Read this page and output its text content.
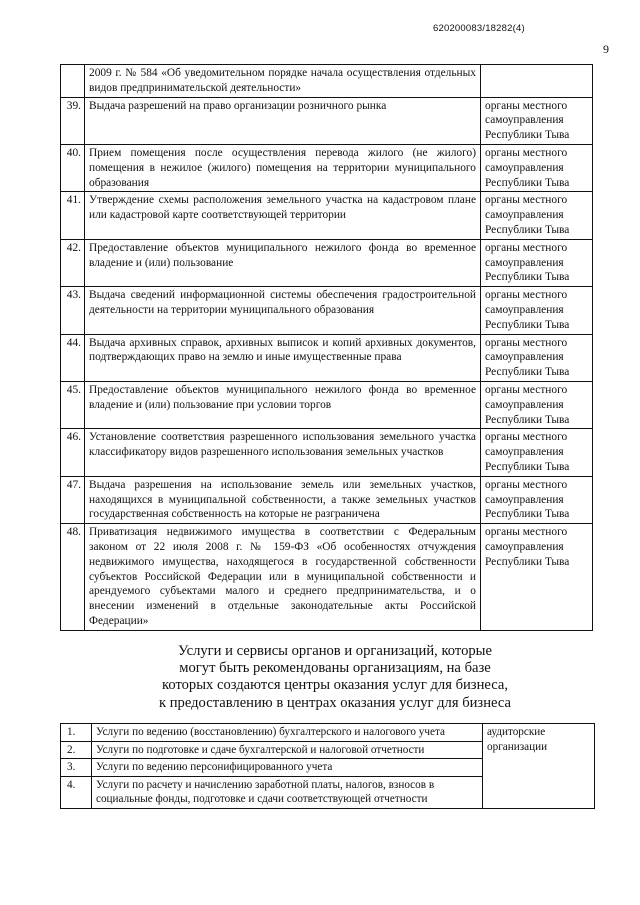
620200083/18282(4)
9
	2009 г. № 584 «Об уведомительном порядке начала осуществления отдельных видов предпринимательской деятельности»	
39.	Выдача разрешений на право организации розничного рынка	органы местного самоуправления Республики Тыва
40.	Прием помещения после осуществления перевода жилого (не жилого) помещения в нежилое (жилого) помещения на территории муниципального образования	органы местного самоуправления Республики Тыва
41.	Утверждение схемы расположения земельного участка на кадастровом плане или кадастровой карте соответствующей территории	органы местного самоуправления Республики Тыва
42.	Предоставление объектов муниципального нежилого фонда во временное владение и (или) пользование	органы местного самоуправления Республики Тыва
43.	Выдача сведений информационной системы обеспечения градостроительной деятельности на территории муниципального образования	органы местного самоуправления Республики Тыва
44.	Выдача архивных справок, архивных выписок и копий архивных документов, подтверждающих право на землю и иные имущественные права	органы местного самоуправления Республики Тыва
45.	Предоставление объектов муниципального нежилого фонда во временное владение и (или) пользование при условии торгов	органы местного самоуправления Республики Тыва
46.	Установление соответствия разрешенного использования земельного участка классификатору видов разрешенного использования земельных участков	органы местного самоуправления Республики Тыва
47.	Выдача разрешения на использование земель или земельных участков, находящихся в муниципальной собственности, а также земельных участков государственная собственность на которые не разграничена	органы местного самоуправления Республики Тыва
48.	Приватизация недвижимого имущества в соответствии с Федеральным законом от 22 июля 2008 г. № 159-ФЗ «Об особенностях отчуждения недвижимого имущества, находящегося в государственной собственности субъектов Российской Федерации или в муниципальной собственности и арендуемого субъектами малого и среднего предпринимательства, и о внесении изменений в отдельные законодательные акты Российской Федерации»	органы местного самоуправления Республики Тыва
Услуги и сервисы органов и организаций, которые
могут быть рекомендованы организациям, на базе
которых создаются центры оказания услуг для бизнеса,
к предоставлению в центрах оказания услуг для бизнеса
1.	Услуги по ведению (восстановлению) бухгалтерского и налогового учета	аудиторские организации
2.	Услуги по подготовке и сдаче бухгалтерской и налоговой отчетности	
3.	Услуги по ведению персонифицированного учета	
4.	Услуги по расчету и начислению заработной платы, налогов, взносов в социальные фонды, подготовке и сдачи соответствующей отчетности	
